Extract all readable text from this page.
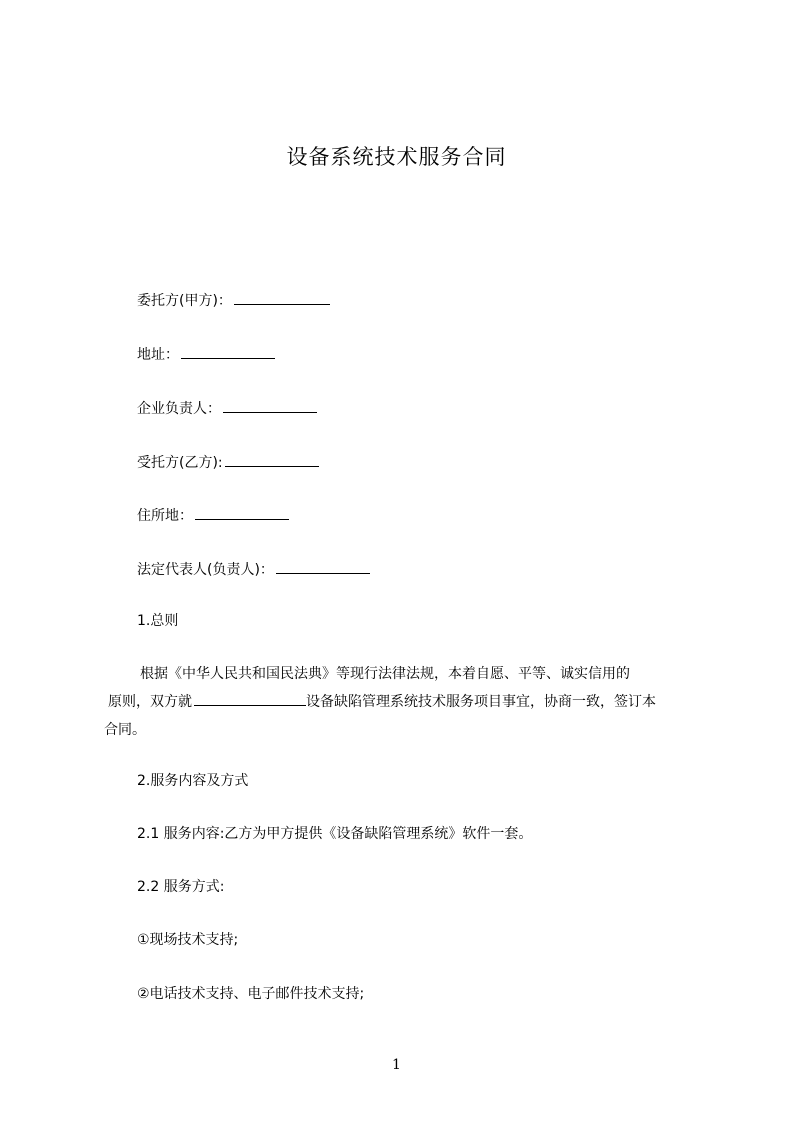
设备系统技术服务合同
委托方(甲方)：
地址：
企业负责人：
受托方(乙方):
住所地：
法定代表人(负责人)：
1.总则
根据《中华人民共和国民法典》等现行法律法规，本着自愿、平等、诚实信用的
原则，双方就	设备缺陷管理系统技术服务项目事宜，协商一致，签订本
合同。
2.服务内容及方式
2.1 服务内容:乙方为甲方提供《设备缺陷管理系统》软件一套。
2.2 服务方式:
①现场技术支持;
②电话技术支持、电子邮件技术支持;
1
